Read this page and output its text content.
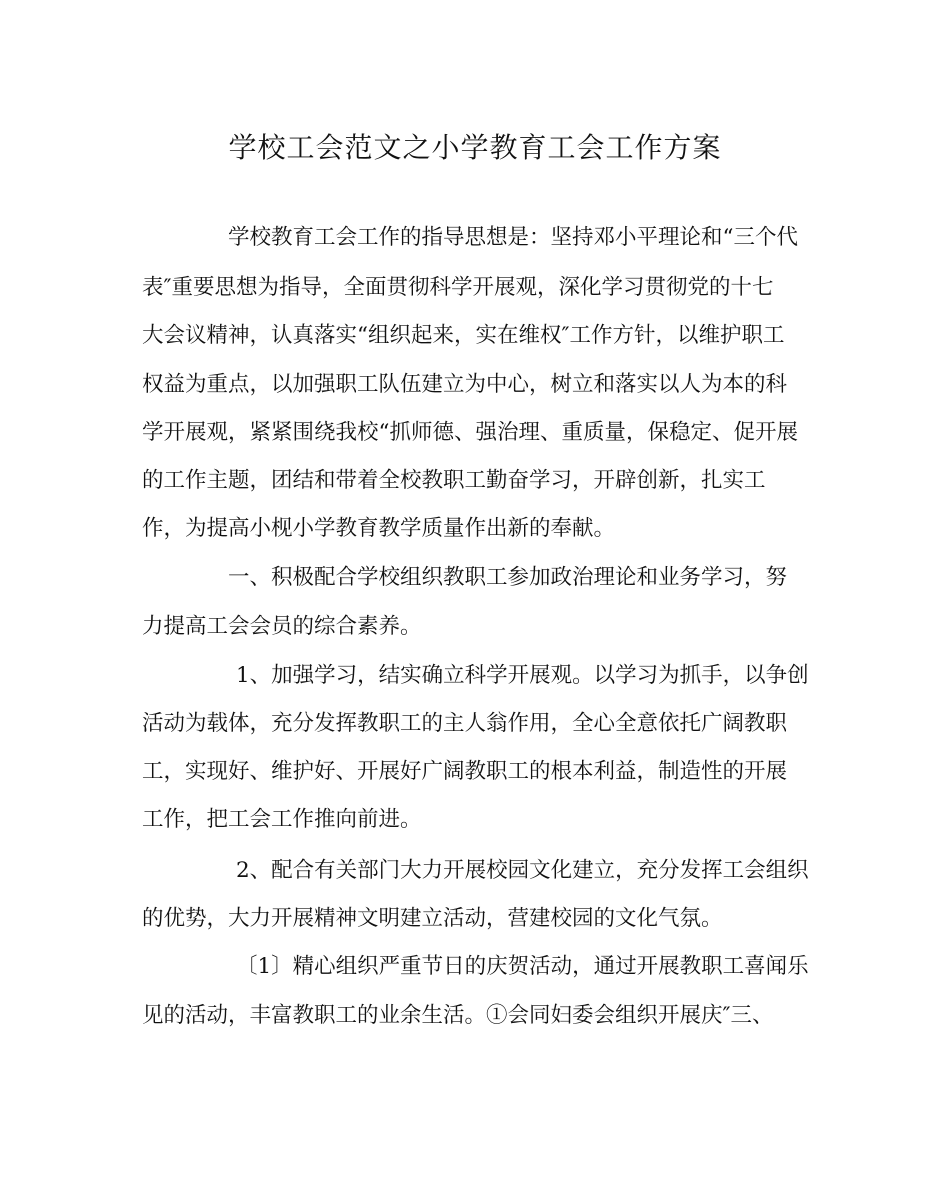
学校工会范文之小学教育工会工作方案

学校教育工会工作的指导思想是：坚持邓小平理论和“三个代

表″重要思想为指导，全面贯彻科学开展观，深化学习贯彻党的十七

大会议精神，认真落实“组织起来，实在维权″工作方针，以维护职工

权益为重点，以加强职工队伍建立为中心，树立和落实以人为本的科

学开展观，紧紧围绕我校“抓师德、强治理、重质量，保稳定、促开展

的工作主题，团结和带着全校教职工勤奋学习，开辟创新，扎实工

作，为提高小枧小学教育教学质量作出新的奉献。

一、积极配合学校组织教职工参加政治理论和业务学习，努

力提高工会会员的综合素养。

1、加强学习，结实确立科学开展观。以学习为抓手，以争创

活动为载体，充分发挥教职工的主人翁作用，全心全意依托广阔教职

工，实现好、维护好、开展好广阔教职工的根本利益，制造性的开展

工作，把工会工作推向前进。

2、配合有关部门大力开展校园文化建立，充分发挥工会组织

的优势，大力开展精神文明建立活动，营建校园的文化气氛。

〔1〕精心组织严重节日的庆贺活动，通过开展教职工喜闻乐

见的活动，丰富教职工的业余生活。①会同妇委会组织开展庆″三、
